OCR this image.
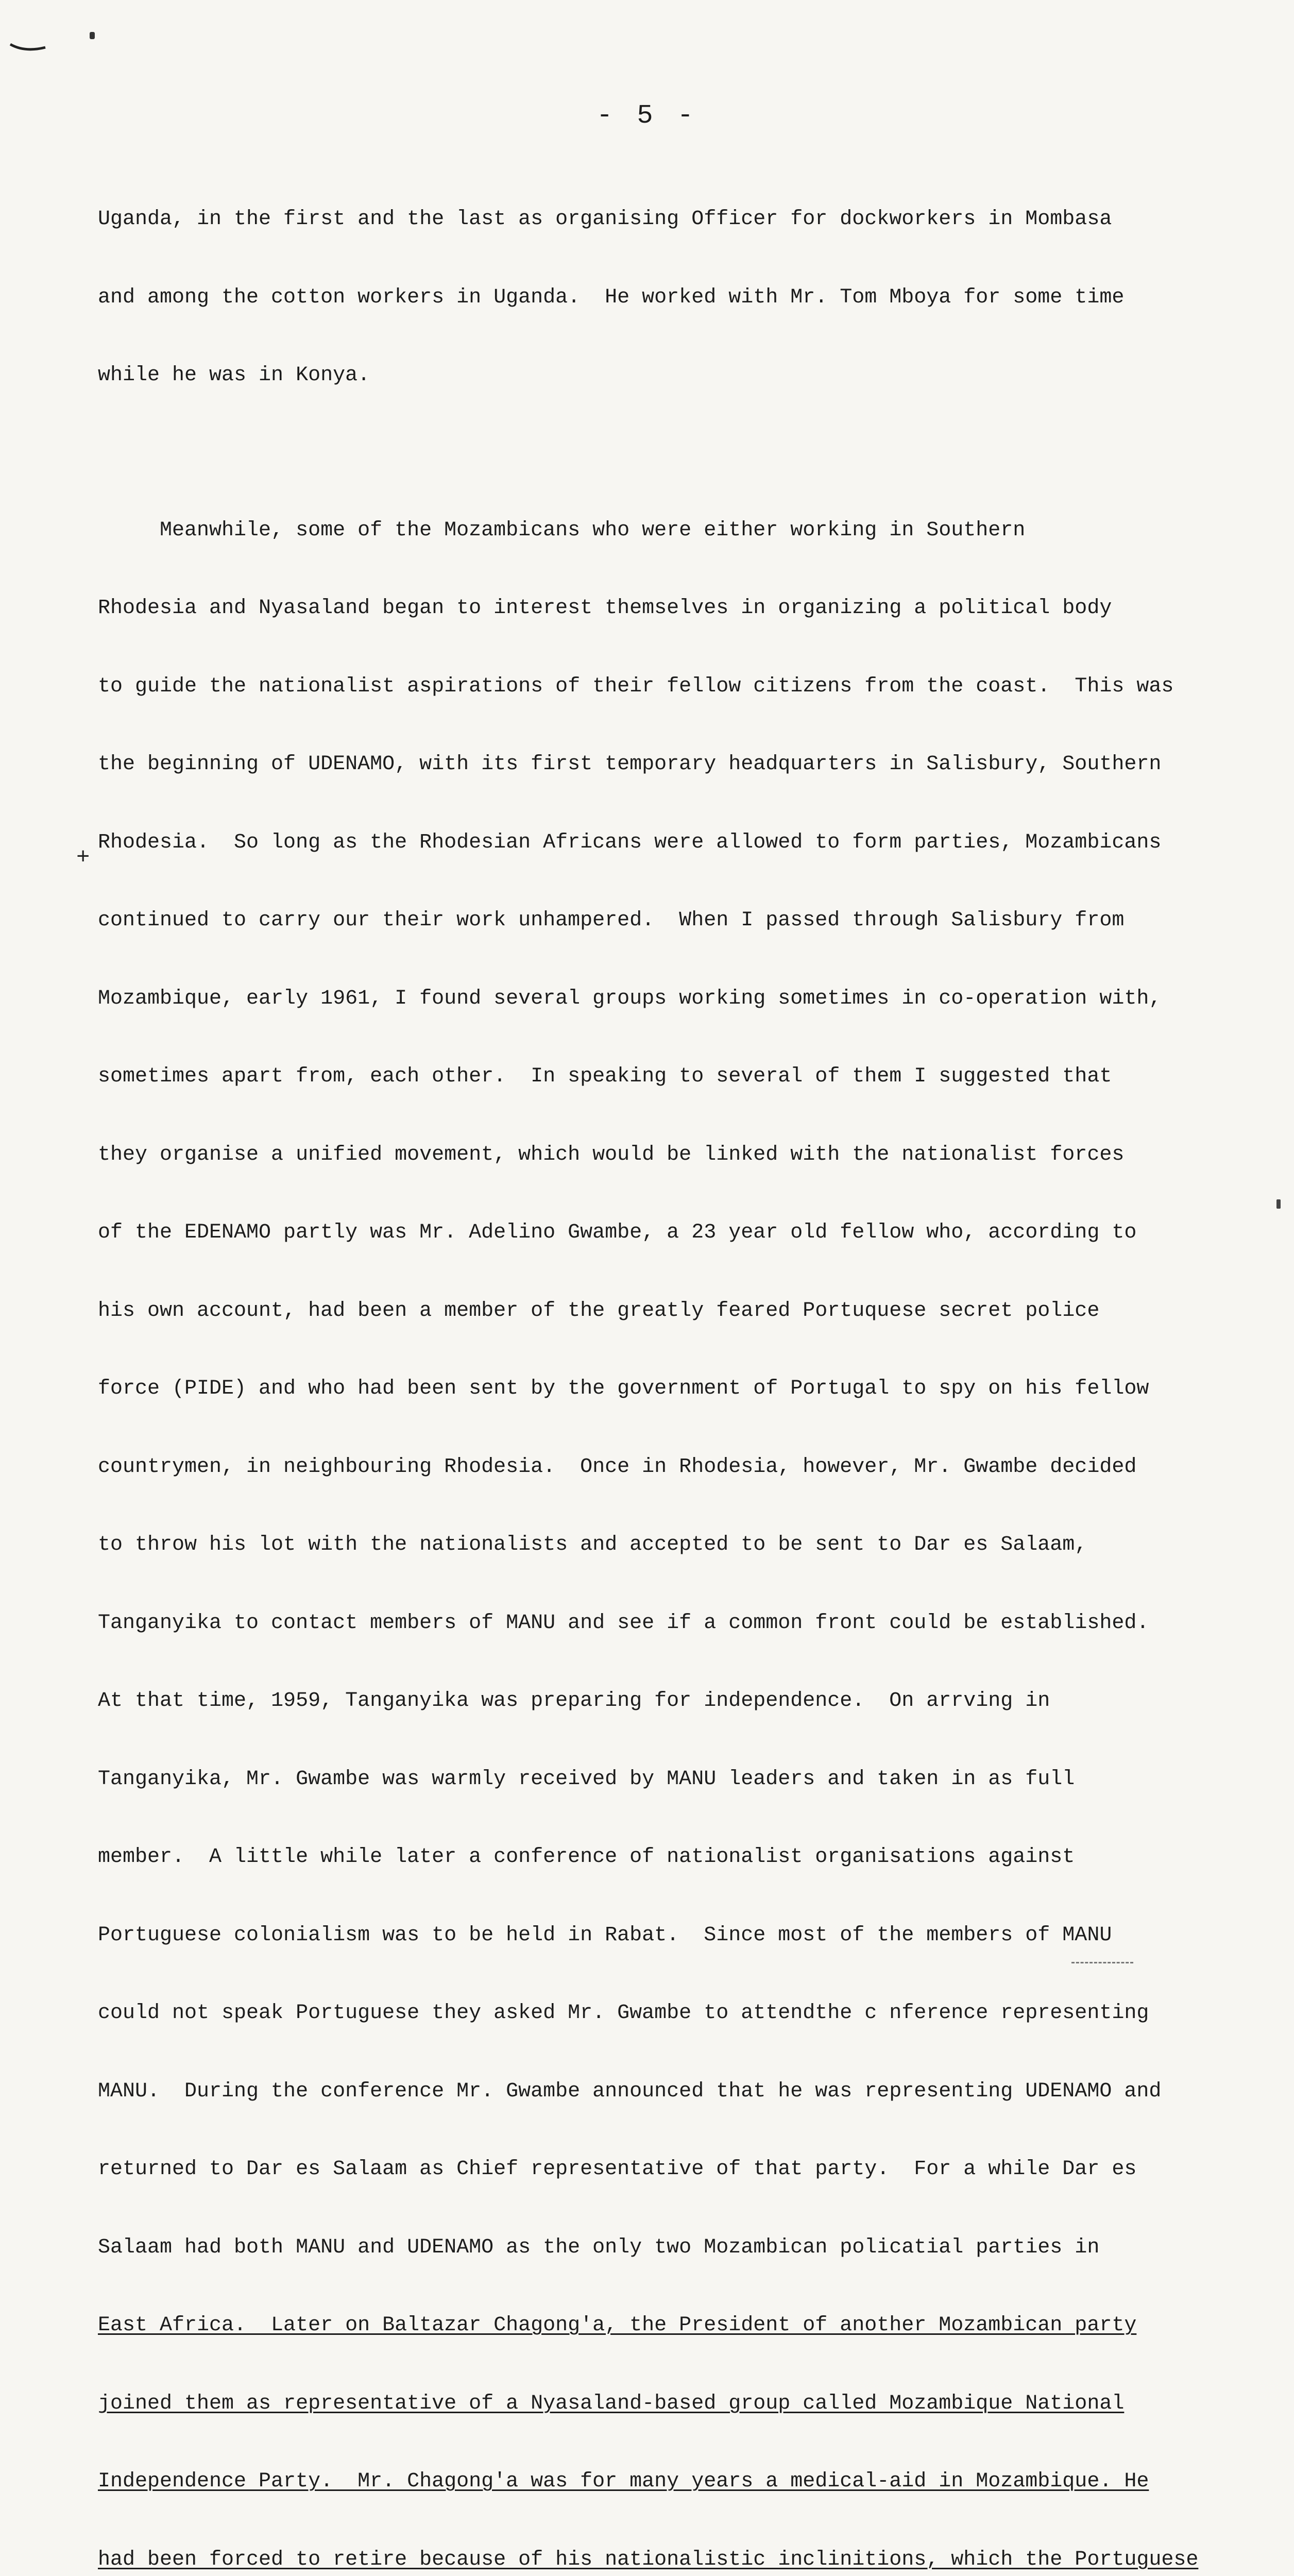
- 5 -
+

Uganda, in the first and the last as organising Officer for dockworkers in Mombasa

and among the cotton workers in Uganda.  He worked with Mr. Tom Mboya for some time

while he was in Konya.

Meanwhile, some of the Mozambicans who were either working in Southern

Rhodesia and Nyasaland began to interest themselves in organizing a political body

to guide the nationalist aspirations of their fellow citizens from the coast.  This was

the beginning of UDENAMO, with its first temporary headquarters in Salisbury, Southern

Rhodesia.  So long as the Rhodesian Africans were allowed to form parties, Mozambicans

continued to carry our their work unhampered.  When I passed through Salisbury from

Mozambique, early 1961, I found several groups working sometimes in co-operation with,

sometimes apart from, each other.  In speaking to several of them I suggested that

they organise a unified movement, which would be linked with the nationalist forces

of the EDENAMO partly was Mr. Adelino Gwambe, a 23 year old fellow who, according to

his own account, had been a member of the greatly feared Portuquese secret police

force (PIDE) and who had been sent by the government of Portugal to spy on his fellow

countrymen, in neighbouring Rhodesia.  Once in Rhodesia, however, Mr. Gwambe decided

to throw his lot with the nationalists and accepted to be sent to Dar es Salaam,

Tanganyika to contact members of MANU and see if a common front could be established.

At that time, 1959, Tanganyika was preparing for independence.  On arrving in

Tanganyika, Mr. Gwambe was warmly received by MANU leaders and taken in as full

member.  A little while later a conference of nationalist organisations against

Portuguese colonialism was to be held in Rabat.  Since most of the members of MANU

could not speak Portuguese they asked Mr. Gwambe to attendthe c nference representing

MANU.  During the conference Mr. Gwambe announced that he was representing UDENAMO and

returned to Dar es Salaam as Chief representative of that party.  For a while Dar es

Salaam had both MANU and UDENAMO as the only two Mozambican policatial parties in

East Africa.  Later on Baltazar Chagong'a, the President of another Mozambican party

joined them as representative of a Nyasaland-based group called Mozambique National

Independence Party.  Mr. Chagong'a was for many years a medical-aid in Mozambique. He

had been forced to retire because of his nationalistic inclinitions, which the Portuguese
